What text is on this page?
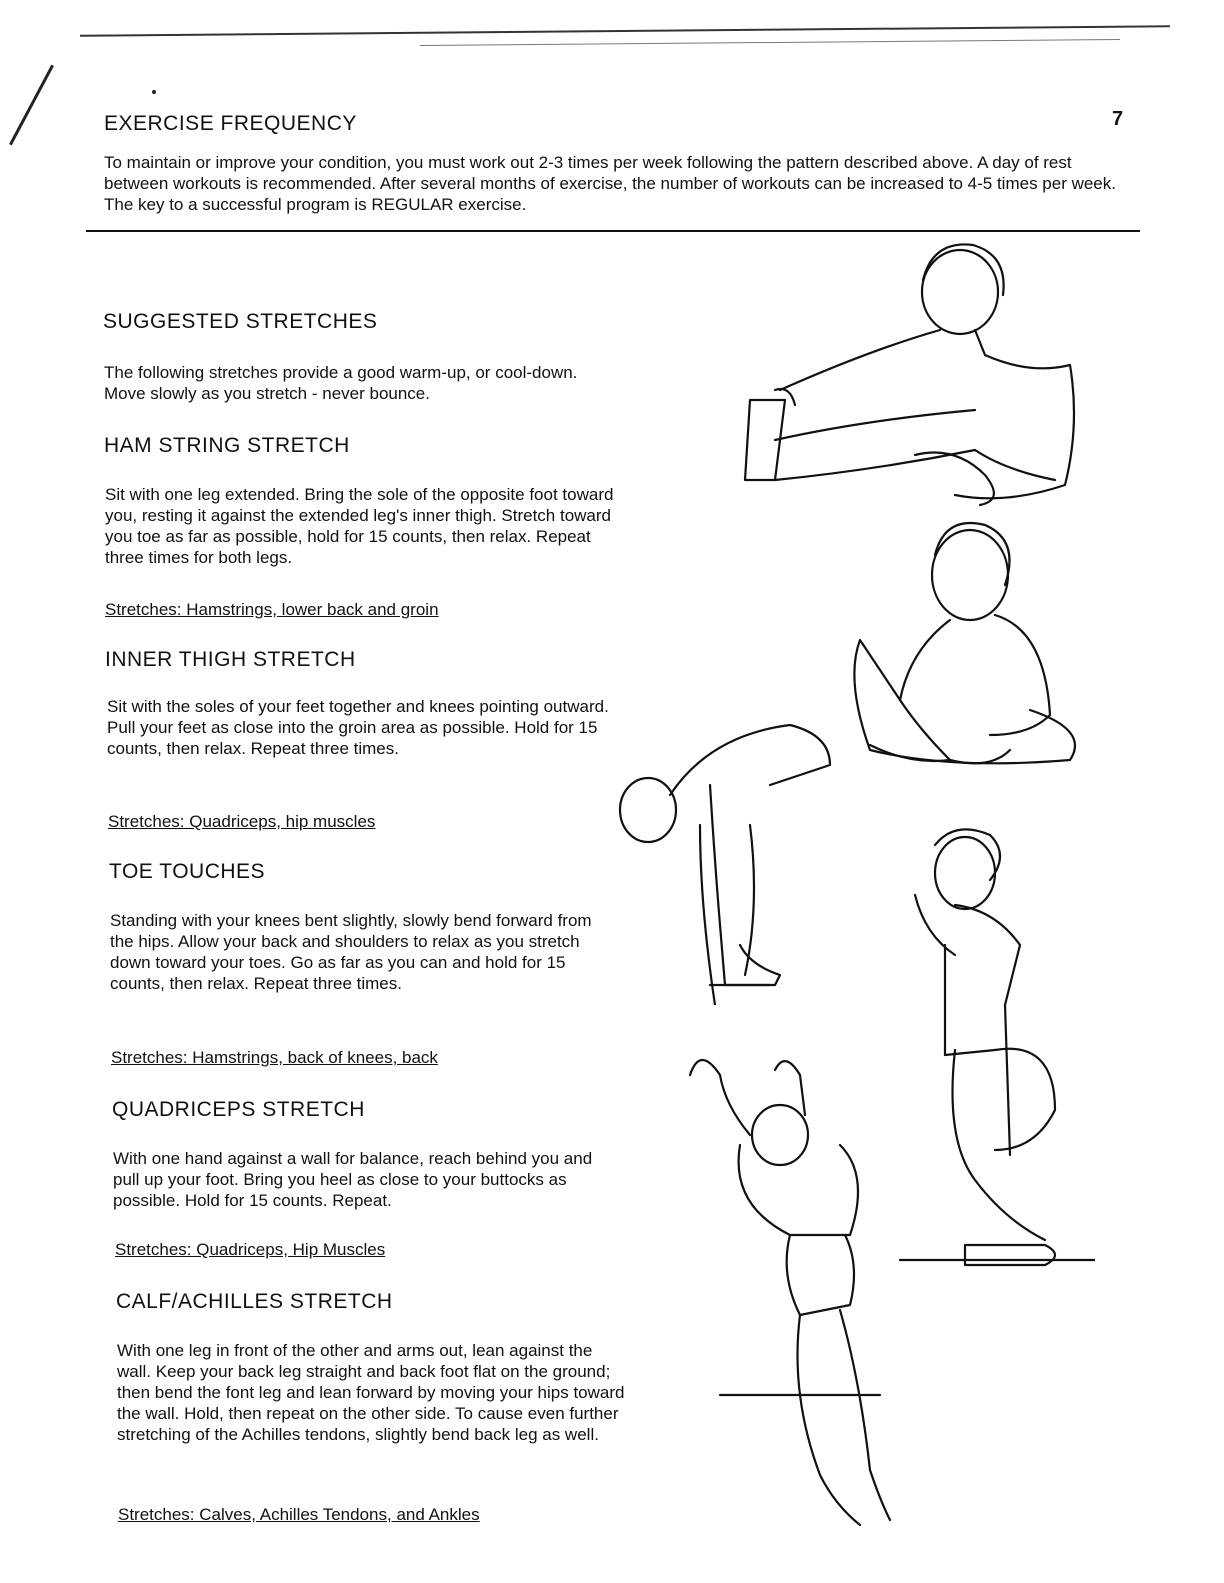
7
EXERCISE FREQUENCY

To maintain or improve your condition, you must work out 2-3 times per week following the pattern described above. A day of rest between workouts is recommended. After several months of exercise, the number of workouts can be increased to 4-5 times per week. The key to a successful program is REGULAR exercise.

SUGGESTED STRETCHES

The following stretches provide a good warm-up, or cool-down. Move slowly as you stretch - never bounce.

HAM STRING STRETCH

Sit with one leg extended. Bring the sole of the opposite foot toward you, resting it against the extended leg's inner thigh. Stretch toward you toe as far as possible, hold for 15 counts, then relax. Repeat three times for both legs.

Stretches: Hamstrings, lower back and groin

INNER THIGH STRETCH

Sit with the soles of your feet together and knees pointing outward. Pull your feet as close into the groin area as possible. Hold for 15 counts, then relax. Repeat three times.

Stretches: Quadriceps, hip muscles

TOE TOUCHES

Standing with your knees bent slightly, slowly bend forward from the hips. Allow your back and shoulders to relax as you stretch down toward your toes. Go as far as you can and hold for 15 counts, then relax. Repeat three times.

Stretches: Hamstrings, back of knees, back

QUADRICEPS STRETCH

With one hand against a wall for balance, reach behind you and pull up your foot. Bring you heel as close to your buttocks as possible. Hold for 15 counts. Repeat.

Stretches: Quadriceps, Hip Muscles

CALF/ACHILLES STRETCH

With one leg in front of the other and arms out, lean against the wall. Keep your back leg straight and back foot flat on the ground; then bend the font leg and lean forward by moving your hips toward the wall. Hold, then repeat on the other side. To cause even further stretching of the Achilles tendons, slightly bend back leg as well.

Stretches: Calves, Achilles Tendons, and Ankles
